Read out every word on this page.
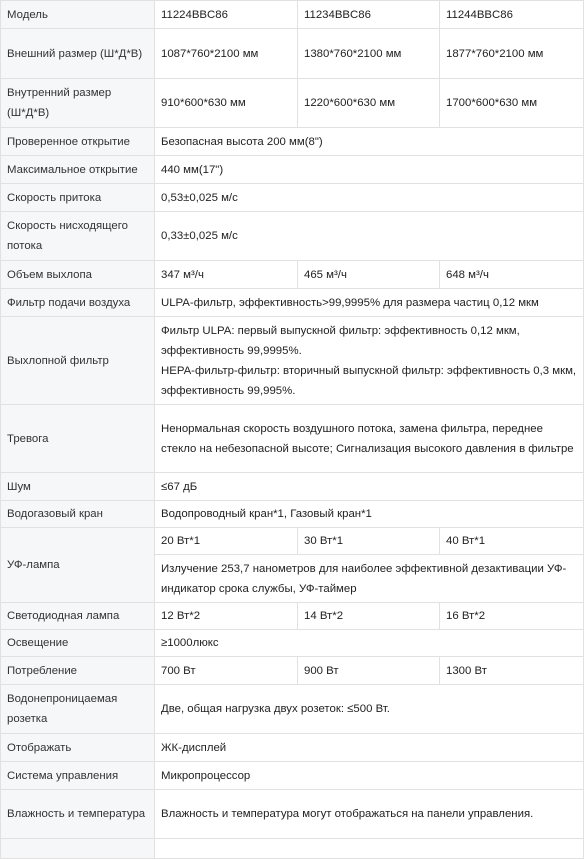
Модель	11224BBC86	11234BBC86	11244BBC86
Внешний размер (Ш*Д*В)	1087*760*2100 мм	1380*760*2100 мм	1877*760*2100 мм
Внутренний размер (Ш*Д*В)	910*600*630 мм	1220*600*630 мм	1700*600*630 мм
Проверенное открытие	Безопасная высота 200 мм(8")		
Максимальное открытие	440 мм(17")		
Скорость притока	0,53±0,025 м/с		
Скорость нисходящего потока	0,33±0,025 м/с		
Объем выхлопа	347 м³/ч	465 м³/ч	648 м³/ч
Фильтр подачи воздуха	ULPA-фильтр, эффективность>99,9995% для размера частиц 0,12 мкм		
Выхлопной фильтр	Фильтр ULPA: первый выпускной фильтр: эффективность 0,12 мкм, эффективность 99,9995%.
HEPA-фильтр-фильтр: вторичный выпускной фильтр: эффективность 0,3 мкм, эффективность 99,995%.		

Тревога	Ненормальная скорость воздушного потока, замена фильтра, переднее стекло на небезопасной высоте; Сигнализация высокого давления в фильтре		
Шум	≤67 дБ		
Водогазовый кран	Водопроводный кран*1, Газовый кран*1		
УФ-лампа	20 Вт*1	30 Вт*1	40 Вт*1
	Излучение 253,7 нанометров для наиболее эффективной дезактивации УФ-индикатор срока службы, УФ-таймер		
Светодиодная лампа	12 Вт*2	14 Вт*2	16 Вт*2
Освещение	≥1000люкс		
Потребление	700 Вт	900 Вт	1300 Вт
Водонепроницаемая розетка	Две, общая нагрузка двух розеток: ≤500 Вт.		
Отображать	ЖК-дисплей		
Система управления	Микропроцессор		
Влажность и температура	Влажность и температура могут отображаться на панели управления.		
